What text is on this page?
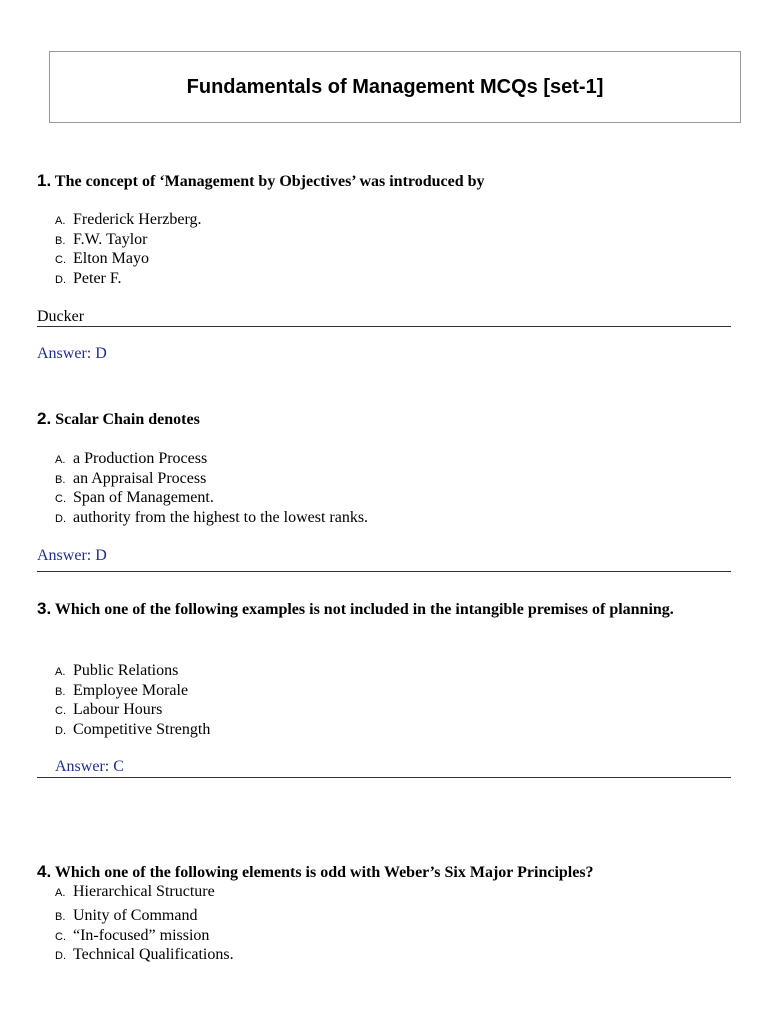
Fundamentals of Management MCQs [set-1]
1. The concept of ‘Management by Objectives’ was introduced by
A. Frederick Herzberg.
B. F.W. Taylor
C. Elton Mayo
D. Peter F.
Ducker
Answer: D
2. Scalar Chain denotes
A. a Production Process
B. an Appraisal Process
C. Span of Management.
D. authority from the highest to the lowest ranks.
Answer: D
3. Which one of the following examples is not included in the intangible premises of planning.
A. Public Relations
B. Employee Morale
C. Labour Hours
D. Competitive Strength
Answer: C
4. Which one of the following elements is odd with Weber’s Six Major Principles?
A. Hierarchical Structure
B. Unity of Command
C. “In-focused” mission
D. Technical Qualifications.
